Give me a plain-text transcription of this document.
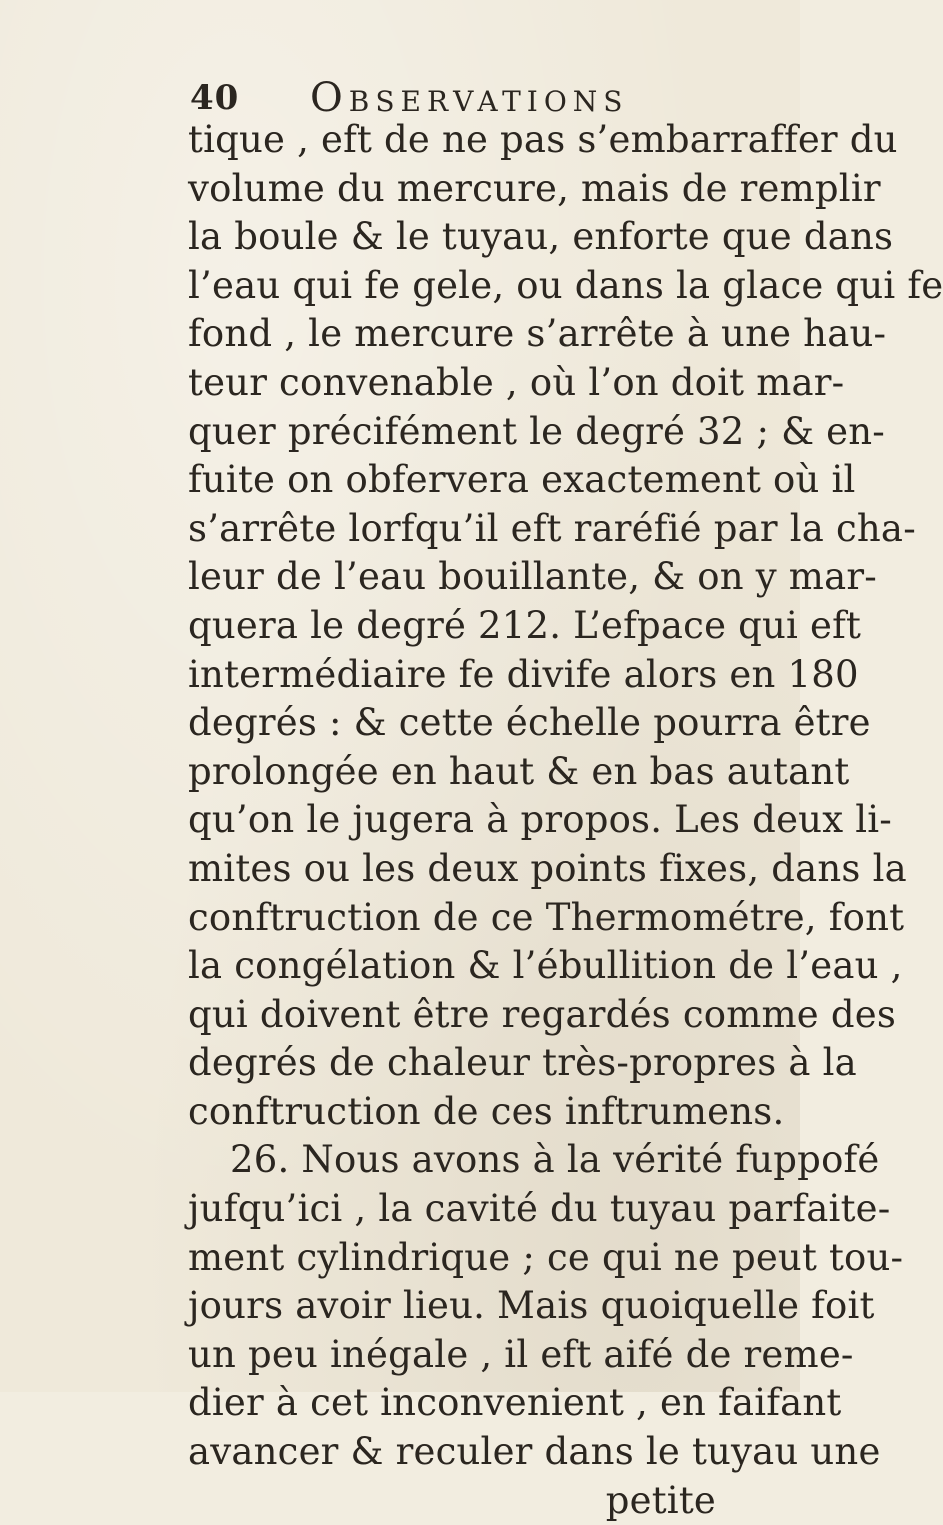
40 Observations
tique , eft de ne pas s’embarraffer du
volume du mercure, mais de remplir
la boule & le tuyau, enforte que dans
l’eau qui fe gele, ou dans la glace qui fe
fond , le mercure s’arrête à une hau-
teur convenable , où l’on doit mar-
quer précifément le degré 32 ; & en-
fuite on obfervera exactement où il
s’arrête lorfqu’il eft raréfié par la cha-
leur de l’eau bouillante, & on y mar-
quera le degré 212. L’efpace qui eft
intermédiaire fe divife alors en 180
degrés : & cette échelle pourra être
prolongée en haut & en bas autant
qu’on le jugera à propos. Les deux li-
mites ou les deux points fixes, dans la
conftruction de ce Thermométre, font
la congélation & l’ébullition de l’eau ,
qui doivent être regardés comme des
degrés de chaleur très-propres à la
conftruction de ces inftrumens.
26. Nous avons à la vérité fuppofé
jufqu’ici , la cavité du tuyau parfaite-
ment cylindrique ; ce qui ne peut tou-
jours avoir lieu. Mais quoiquelle foit
un peu inégale , il eft aifé de reme-
dier à cet inconvenient , en faifant
avancer & reculer dans le tuyau une
petite
